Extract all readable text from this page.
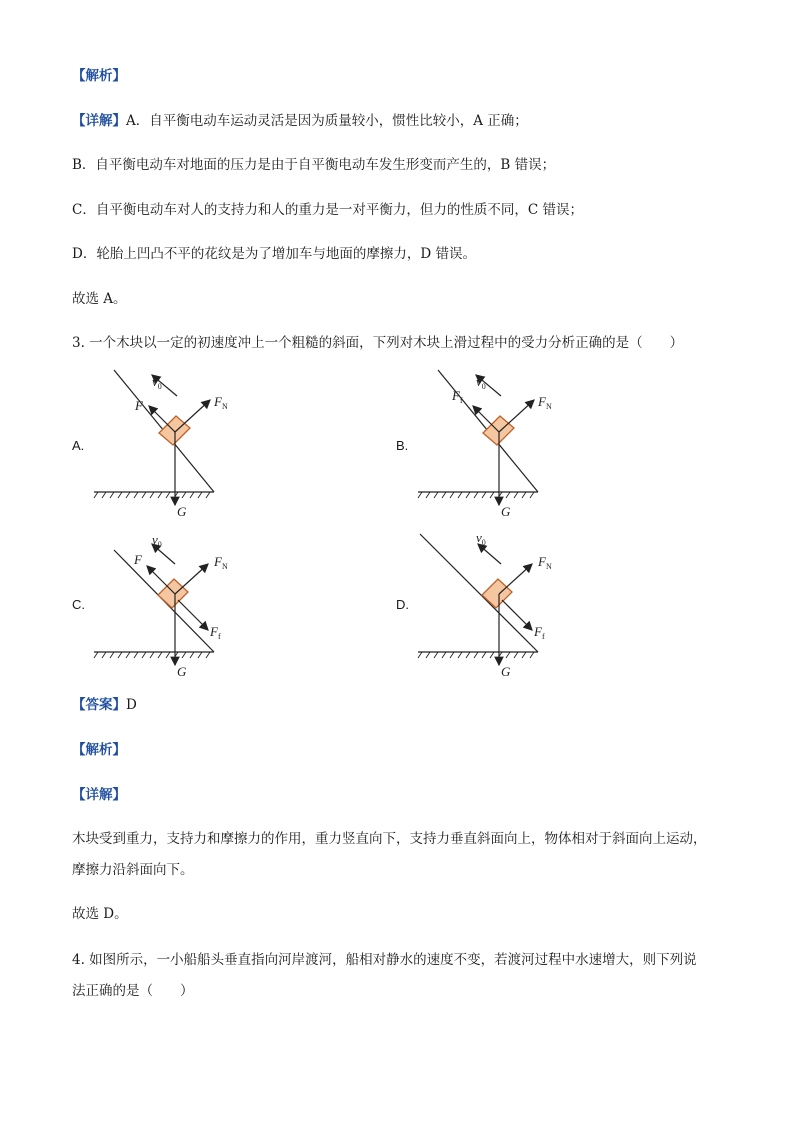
【解析】
【详解】A．自平衡电动车运动灵活是因为质量较小，惯性比较小，A 正确；
B．自平衡电动车对地面的压力是由于自平衡电动车发生形变而产生的，B 错误；
C．自平衡电动车对人的支持力和人的重力是一对平衡力，但力的性质不同，C 错误；
D．轮胎上凹凸不平的花纹是为了增加车与地面的摩擦力，D 错误。
故选 A。
3. 一个木块以一定的初速度冲上一个粗糙的斜面，下列对木块上滑过程中的受力分析正确的是（　　）
A.	B.
C.	D.
$v_0$
F	$F_N$
G
$v_0$
$F_f$	$F_N$
G
$v_0$
F	$F_N$
$F_f$
G
$v_0$
$F_N$
$F_f$
G
【答案】D
【解析】
【详解】
木块受到重力，支持力和摩擦力的作用，重力竖直向下，支持力垂直斜面向上，物体相对于斜面向上运动，
摩擦力沿斜面向下。
故选 D。
4. 如图所示，一小船船头垂直指向河岸渡河，船相对静水的速度不变，若渡河过程中水速增大，则下列说
法正确的是（　　）
